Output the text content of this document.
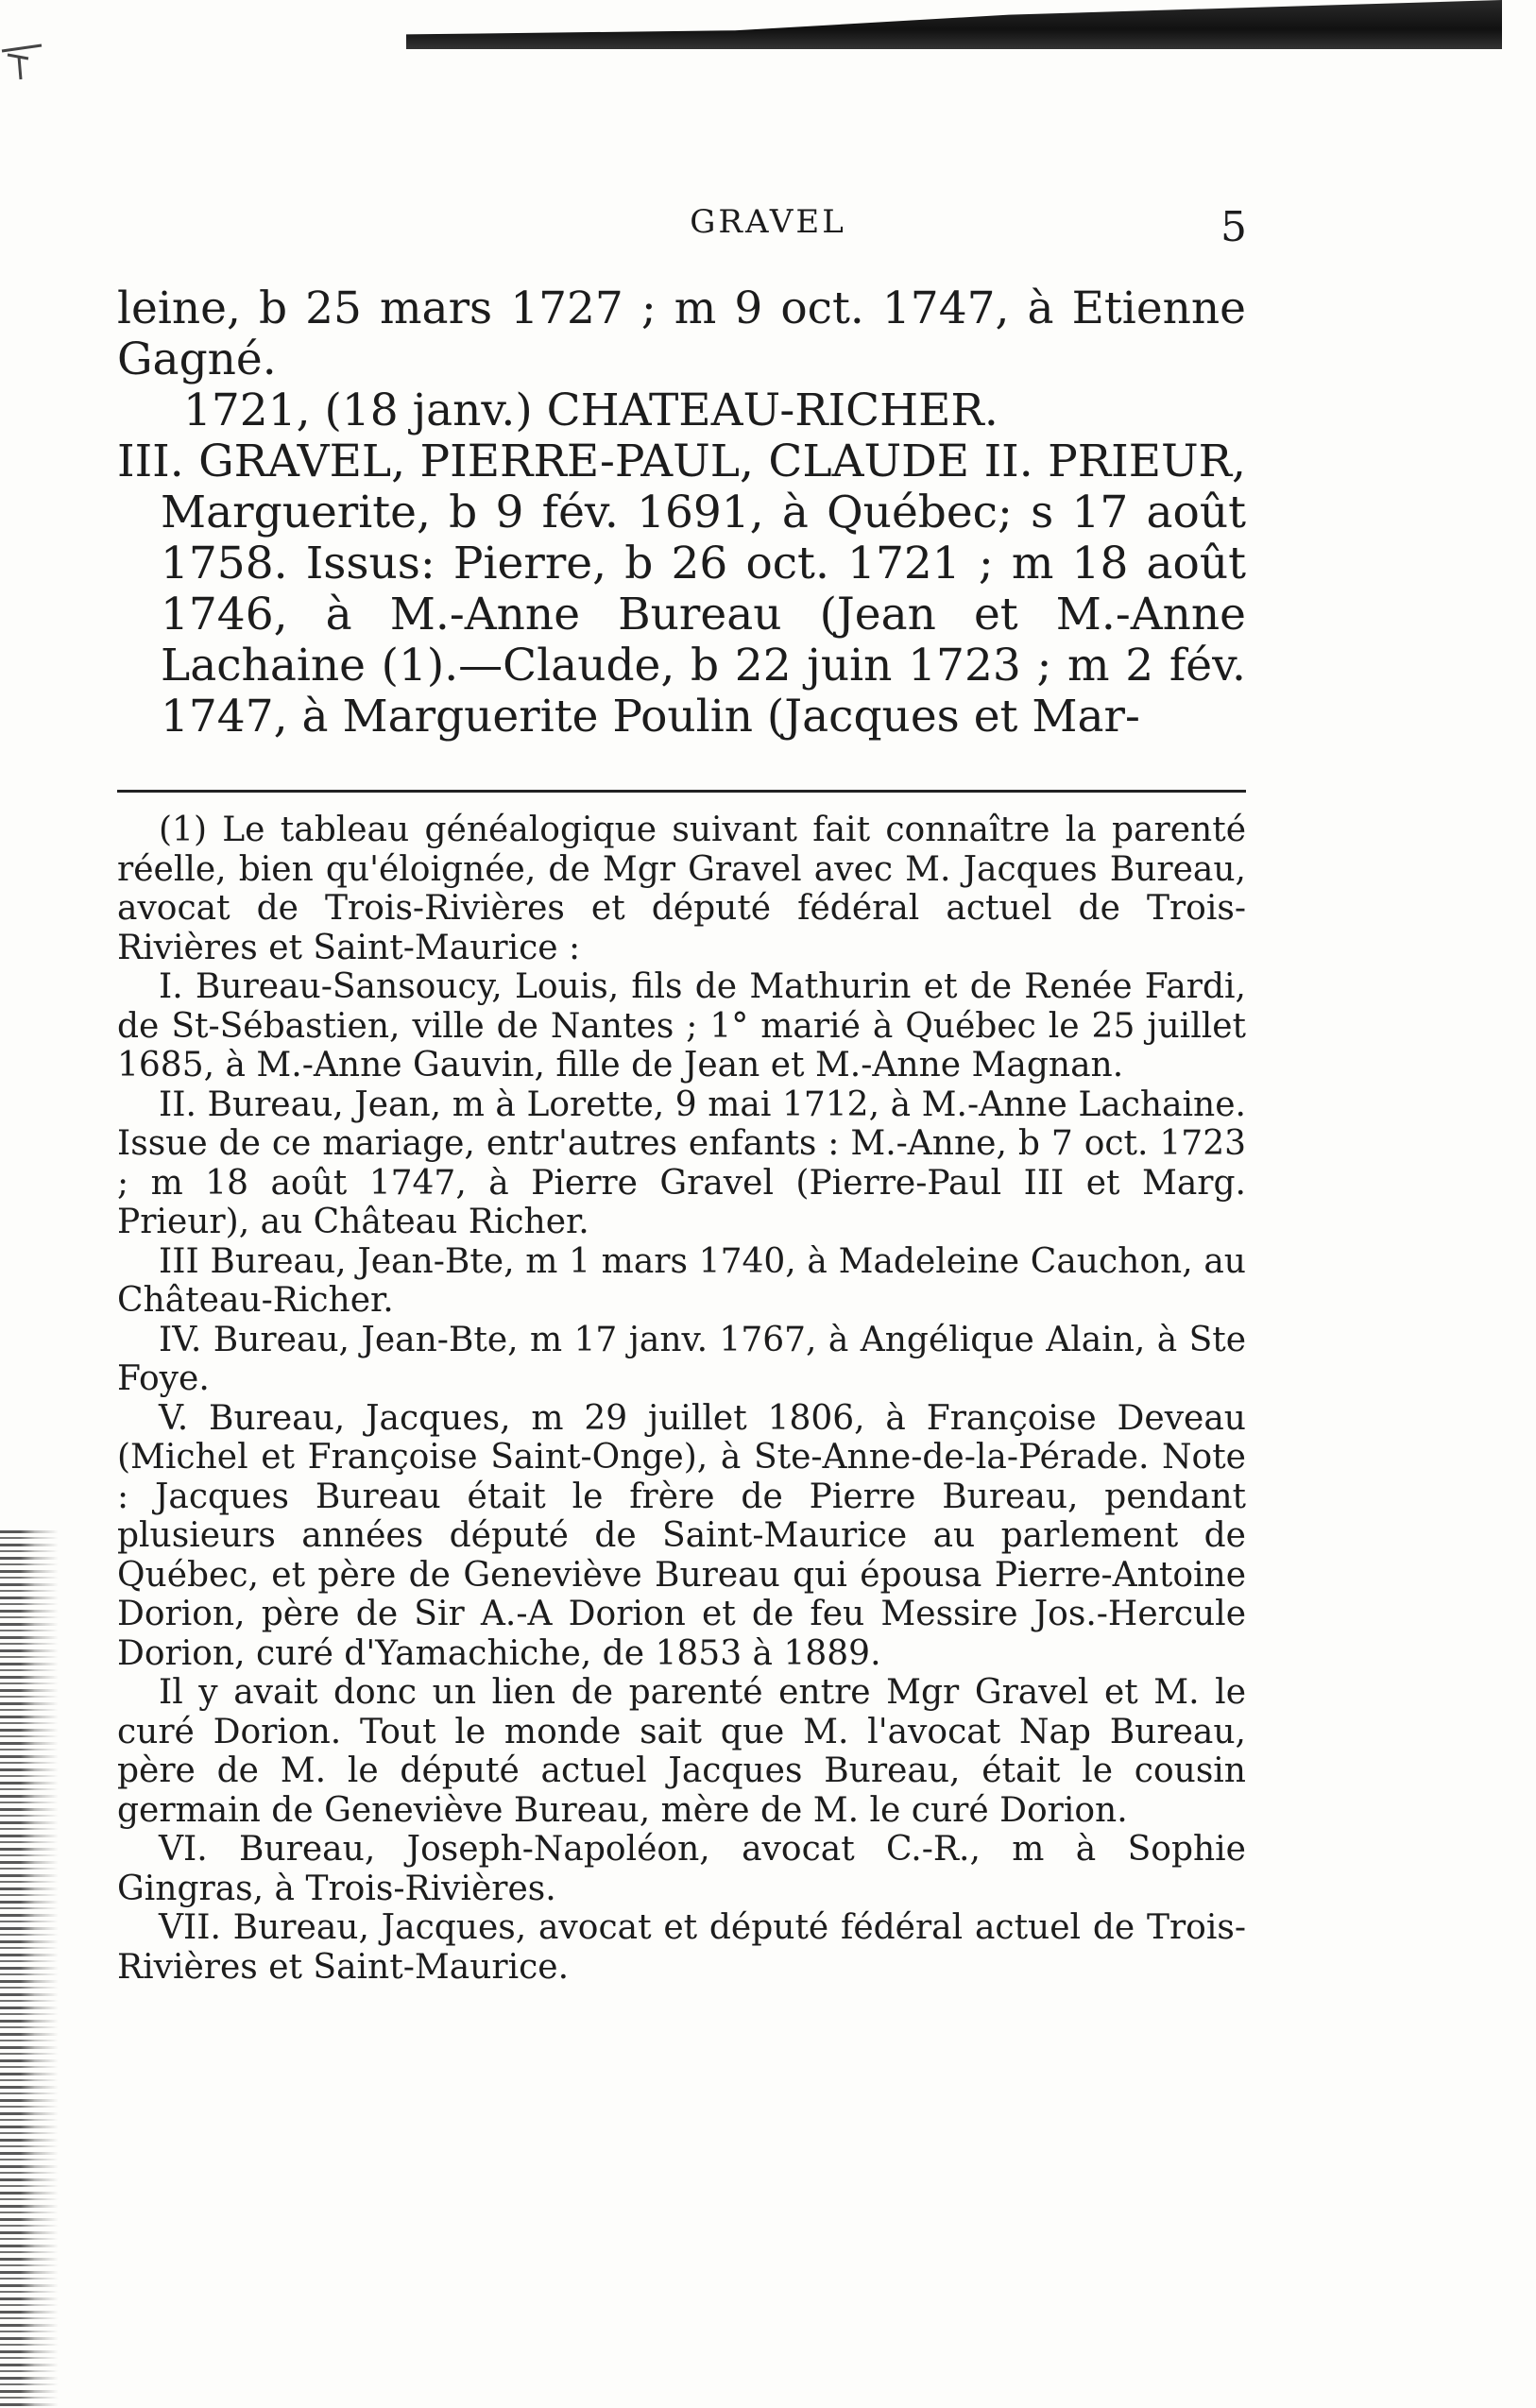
GRAVEL	5

leine, b 25 mars 1727 ; m 9 oct. 1747, à Etienne Gagné.

1721, (18 janv.) CHATEAU-RICHER.

III. GRAVEL, PIERRE-PAUL, CLAUDE II. PRIEUR, Marguerite, b 9 fév. 1691, à Québec; s 17 août 1758. Issus: Pierre, b 26 oct. 1721 ; m 18 août 1746, à M.-Anne Bureau (Jean et M.-Anne Lachaine (1).—Claude, b 22 juin 1723 ; m 2 fév. 1747, à Marguerite Poulin (Jacques et Mar-

(1) Le tableau généalogique suivant fait connaître la parenté réelle, bien qu'éloignée, de Mgr Gravel avec M. Jacques Bureau, avocat de Trois-Rivières et député fédéral actuel de Trois-Rivières et Saint-Maurice :

I. Bureau-Sansoucy, Louis, fils de Mathurin et de Renée Fardi, de St-Sébastien, ville de Nantes ; 1° marié à Québec le 25 juillet 1685, à M.-Anne Gauvin, fille de Jean et M.-Anne Magnan.

II. Bureau, Jean, m à Lorette, 9 mai 1712, à M.-Anne Lachaine. Issue de ce mariage, entr'autres enfants : M.-Anne, b 7 oct. 1723 ; m 18 août 1747, à Pierre Gravel (Pierre-Paul III et Marg. Prieur), au Château Richer.

III Bureau, Jean-Bte, m 1 mars 1740, à Madeleine Cauchon, au Château-Richer.

IV. Bureau, Jean-Bte, m 17 janv. 1767, à Angélique Alain, à Ste Foye.

V. Bureau, Jacques, m 29 juillet 1806, à Françoise Deveau (Michel et Françoise Saint-Onge), à Ste-Anne-de-la-Pérade. Note : Jacques Bureau était le frère de Pierre Bureau, pendant plusieurs années député de Saint-Maurice au parlement de Québec, et père de Geneviève Bureau qui épousa Pierre-Antoine Dorion, père de Sir A.-A Dorion et de feu Messire Jos.-Hercule Dorion, curé d'Yamachiche, de 1853 à 1889.

Il y avait donc un lien de parenté entre Mgr Gravel et M. le curé Dorion. Tout le monde sait que M. l'avocat Nap Bureau, père de M. le député actuel Jacques Bureau, était le cousin germain de Geneviève Bureau, mère de M. le curé Dorion.

VI. Bureau, Joseph-Napoléon, avocat C.-R., m à Sophie Gingras, à Trois-Rivières.

VII. Bureau, Jacques, avocat et député fédéral actuel de Trois-Rivières et Saint-Maurice.
